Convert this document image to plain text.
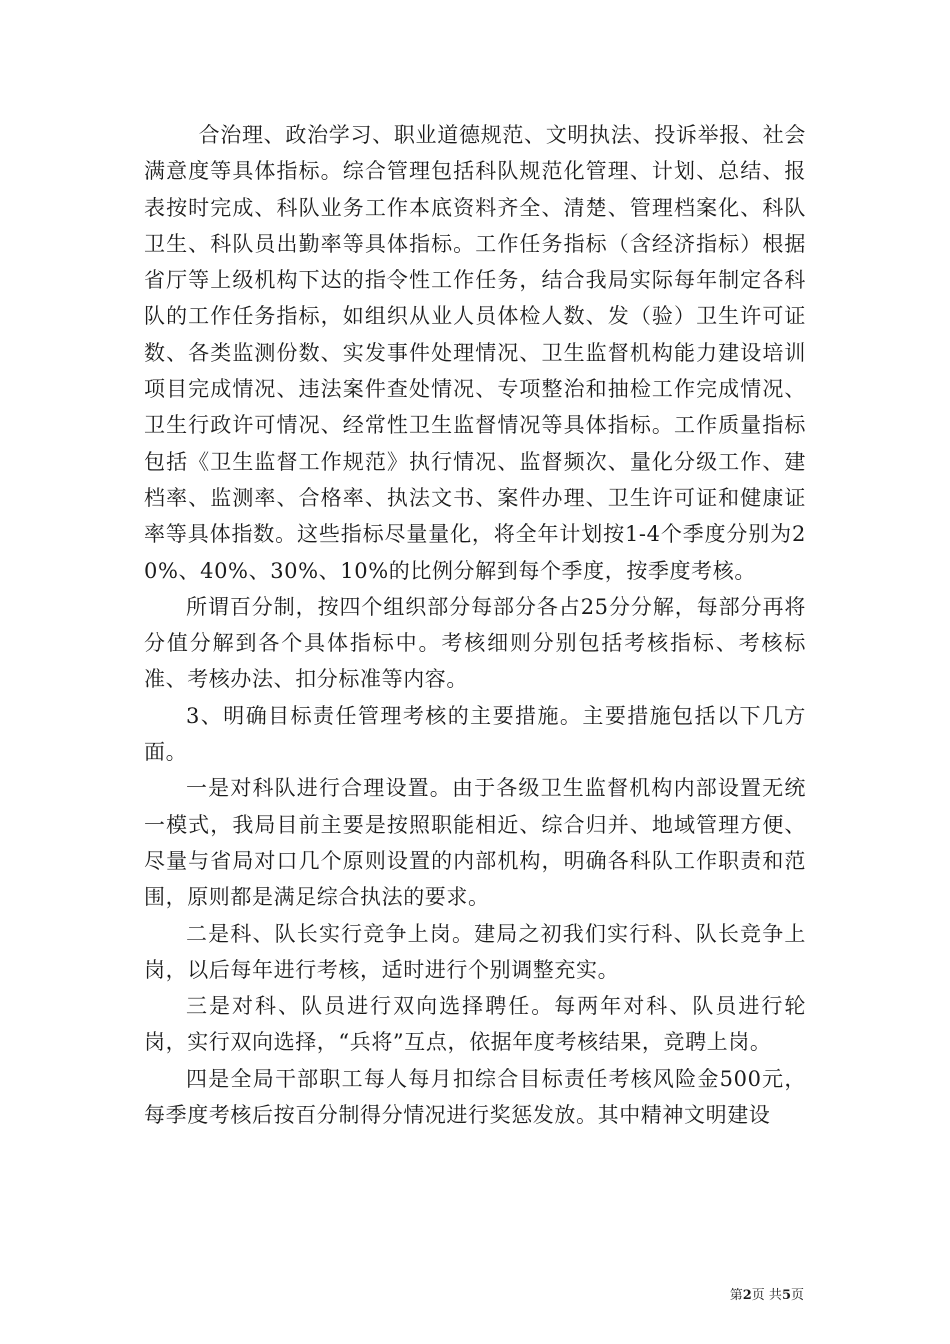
合治理、政治学习、职业道德规范、文明执法、投诉举报、社会满意度等具体指标。综合管理包括科队规范化管理、计划、总结、报表按时完成、科队业务工作本底资料齐全、清楚、管理档案化、科队卫生、科队员出勤率等具体指标。工作任务指标（含经济指标）根据省厅等上级机构下达的指令性工作任务，结合我局实际每年制定各科队的工作任务指标，如组织从业人员体检人数、发（验）卫生许可证数、各类监测份数、实发事件处理情况、卫生监督机构能力建设培训项目完成情况、违法案件查处情况、专项整治和抽检工作完成情况、卫生行政许可情况、经常性卫生监督情况等具体指标。工作质量指标包括《卫生监督工作规范》执行情况、监督频次、量化分级工作、建档率、监测率、合格率、执法文书、案件办理、卫生许可证和健康证率等具体指数。这些指标尽量量化，将全年计划按1-4个季度分别为20%、40%、30%、10%的比例分解到每个季度，按季度考核。

所谓百分制，按四个组织部分每部分各占25分分解，每部分再将分值分解到各个具体指标中。考核细则分别包括考核指标、考核标准、考核办法、扣分标准等内容。

3、明确目标责任管理考核的主要措施。主要措施包括以下几方面。

一是对科队进行合理设置。由于各级卫生监督机构内部设置无统一模式，我局目前主要是按照职能相近、综合归并、地域管理方便、尽量与省局对口几个原则设置的内部机构，明确各科队工作职责和范围，原则都是满足综合执法的要求。

二是科、队长实行竞争上岗。建局之初我们实行科、队长竞争上岗，以后每年进行考核，适时进行个别调整充实。

三是对科、队员进行双向选择聘任。每两年对科、队员进行轮岗，实行双向选择，“兵将”互点，依据年度考核结果，竞聘上岗。

四是全局干部职工每人每月扣综合目标责任考核风险金500元，每季度考核后按百分制得分情况进行奖惩发放。其中精神文明建设

第2页 共5页
